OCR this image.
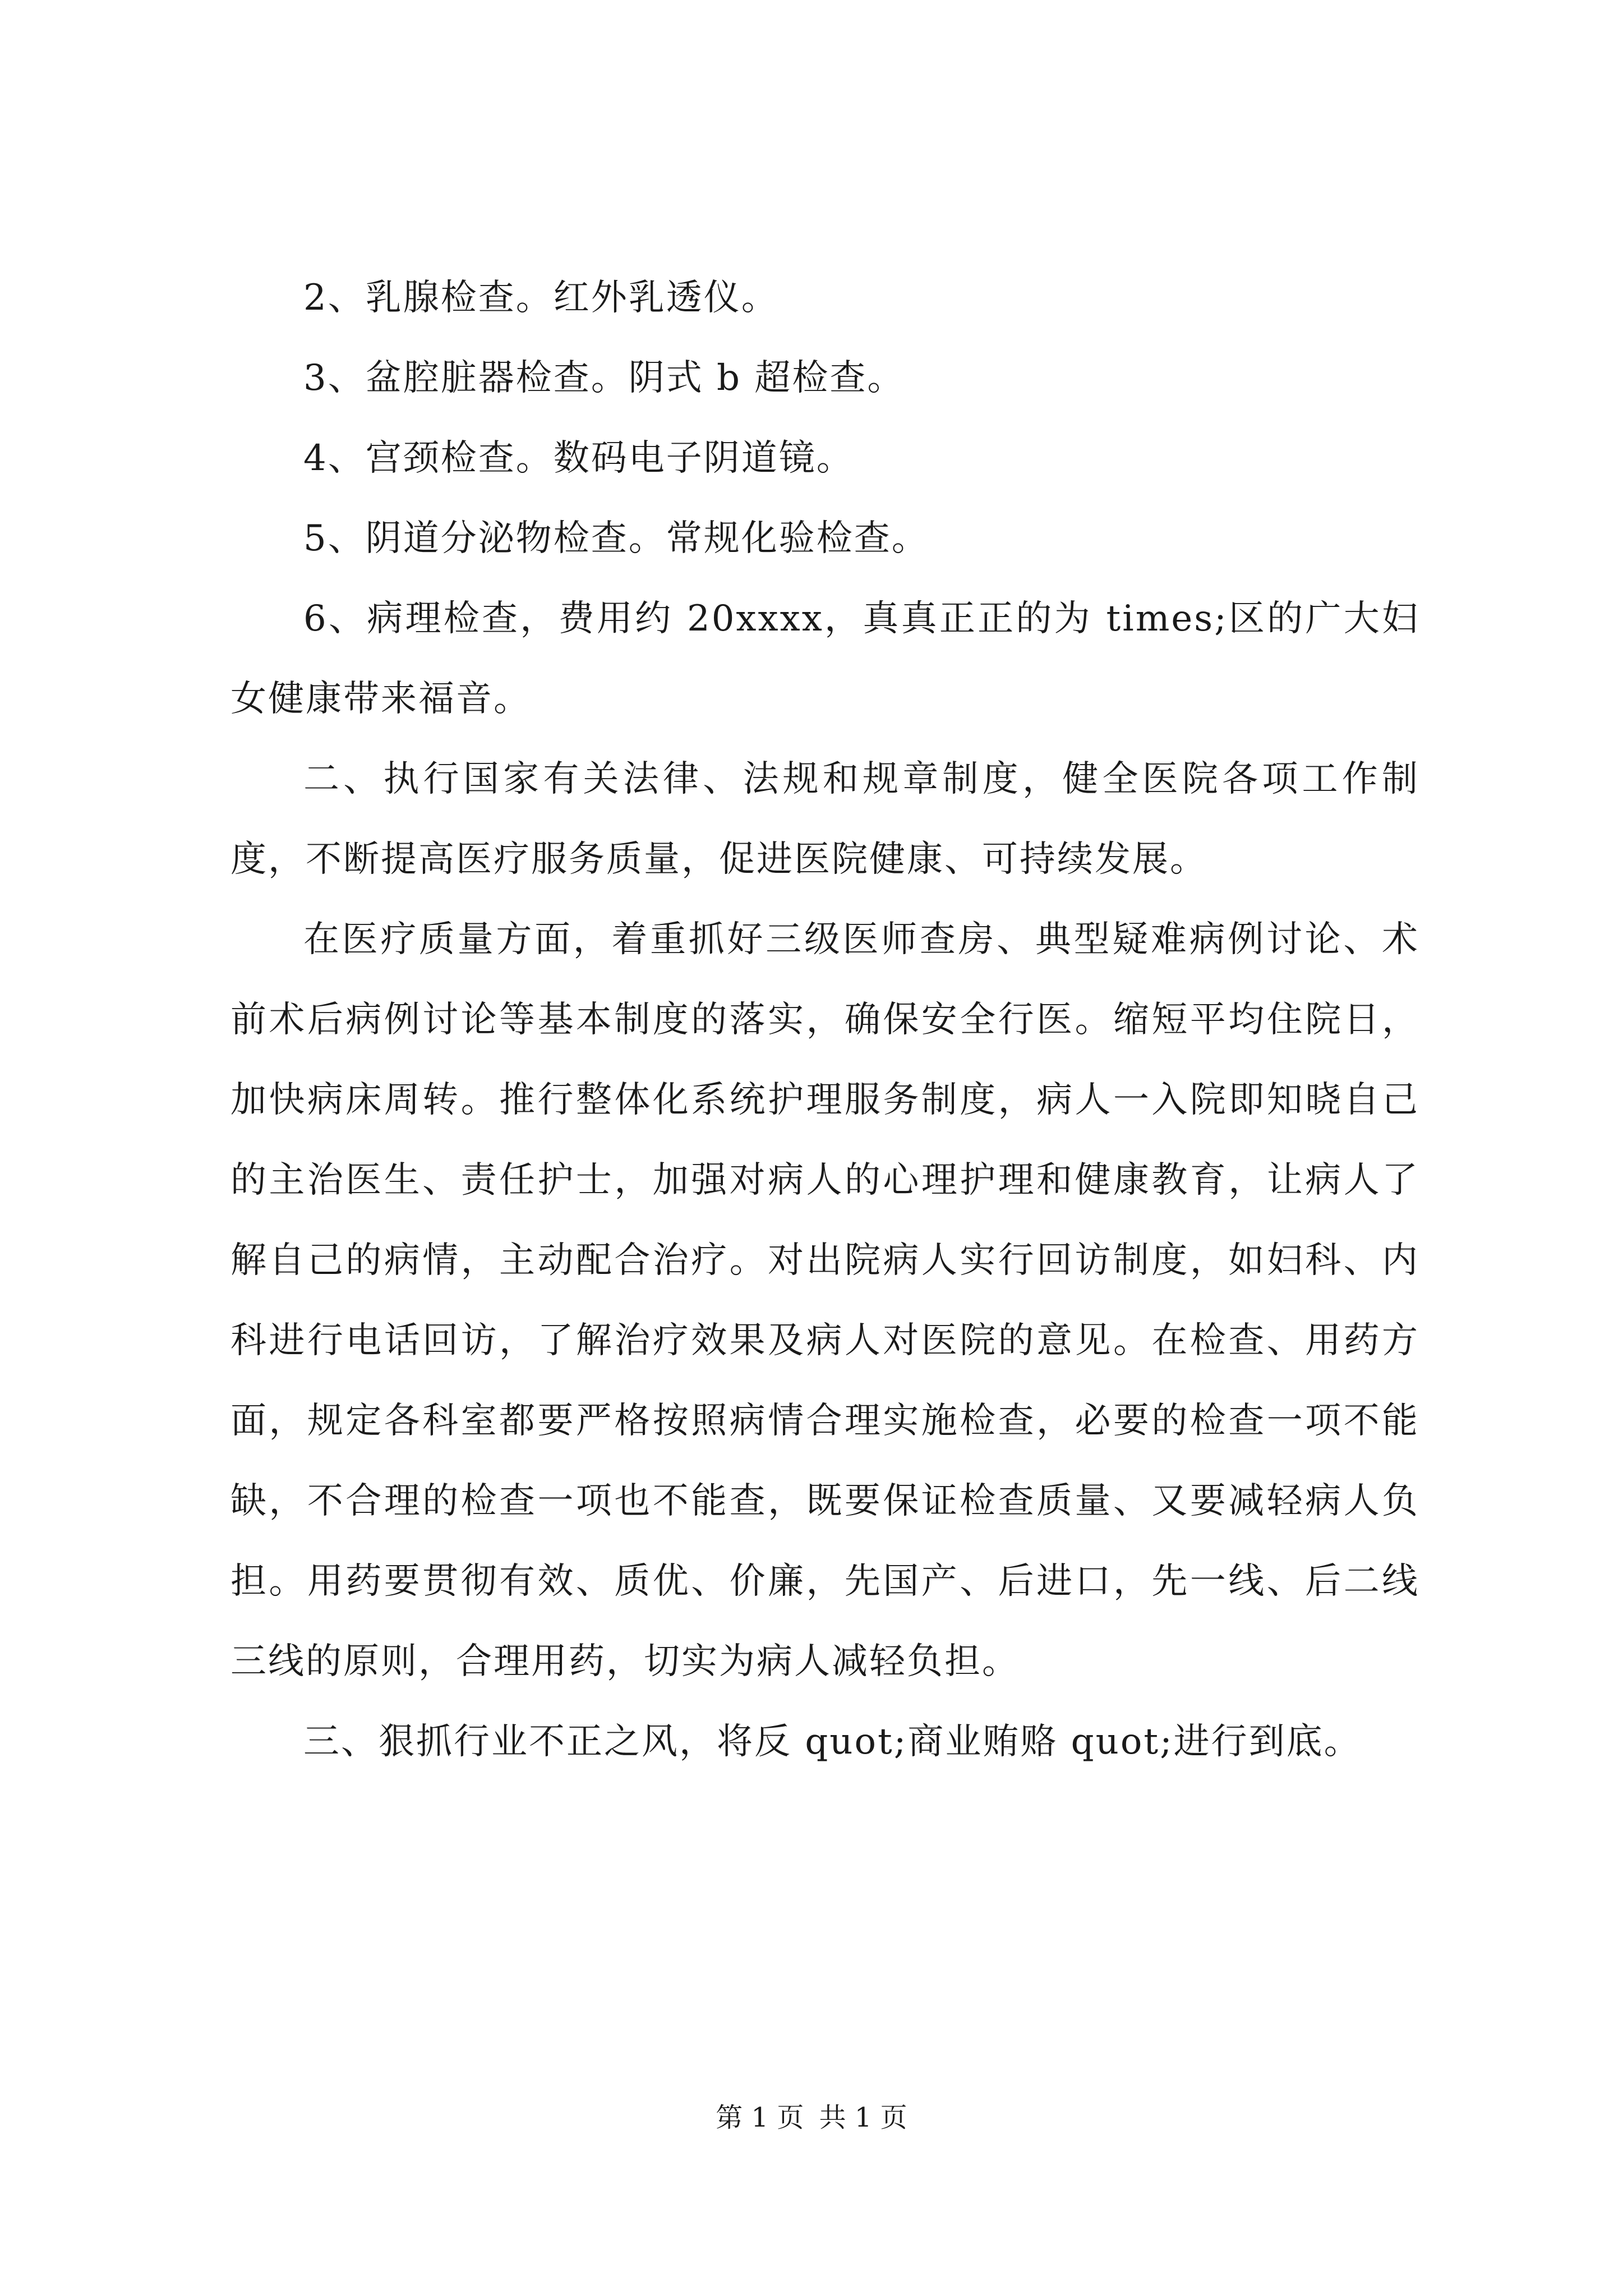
2、乳腺检查。红外乳透仪。

3、盆腔脏器检查。阴式 b 超检查。

4、宫颈检查。数码电子阴道镜。

5、阴道分泌物检查。常规化验检查。

6、病理检查，费用约 20xxxx，真真正正的为 times;区的广大妇女健康带来福音。

二、执行国家有关法律、法规和规章制度，健全医院各项工作制度，不断提高医疗服务质量，促进医院健康、可持续发展。

在医疗质量方面，着重抓好三级医师查房、典型疑难病例讨论、术前术后病例讨论等基本制度的落实，确保安全行医。缩短平均住院日，加快病床周转。推行整体化系统护理服务制度，病人一入院即知晓自己的主治医生、责任护士，加强对病人的心理护理和健康教育，让病人了解自己的病情，主动配合治疗。对出院病人实行回访制度，如妇科、内科进行电话回访，了解治疗效果及病人对医院的意见。在检查、用药方面，规定各科室都要严格按照病情合理实施检查，必要的检查一项不能缺，不合理的检查一项也不能查，既要保证检查质量、又要减轻病人负担。用药要贯彻有效、质优、价廉，先国产、后进口，先一线、后二线三线的原则，合理用药，切实为病人减轻负担。

三、狠抓行业不正之风，将反 quot;商业贿赂 quot;进行到底。

第 1 页 共 1 页
